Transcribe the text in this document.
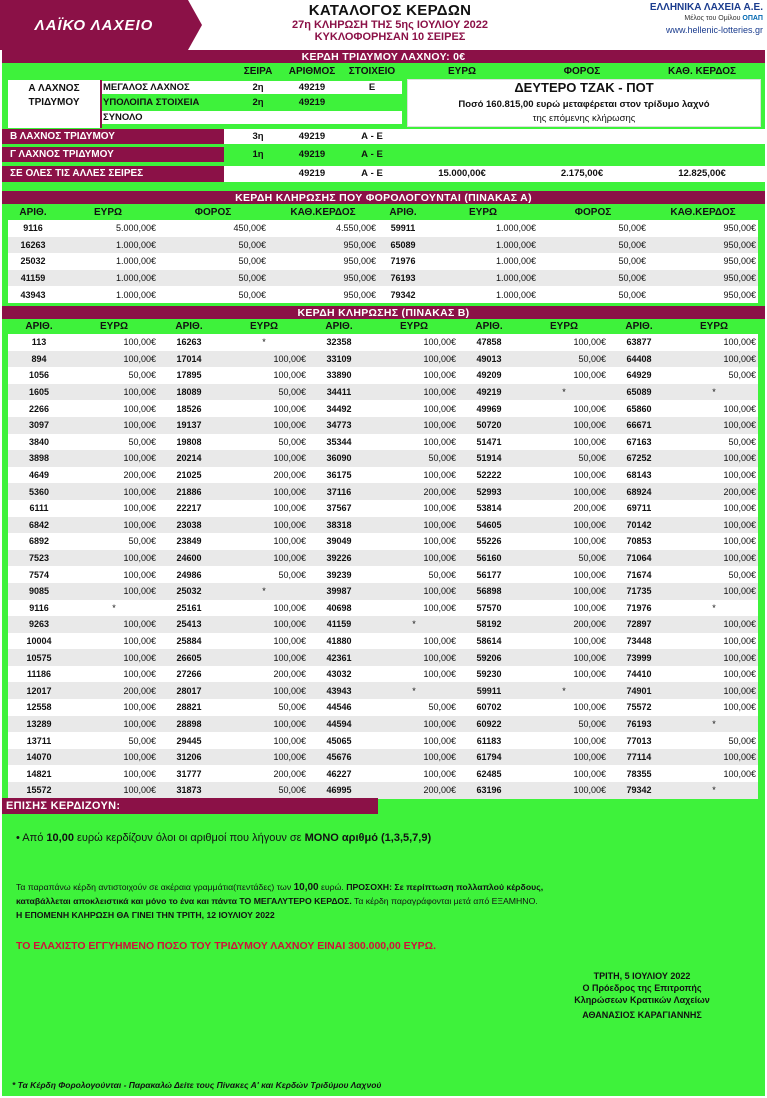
ΛΑΪΚΟ ΛΑΧΕΙΟ
ΚΑΤΑΛΟΓΟΣ ΚΕΡΔΩΝ
27η ΚΛΗΡΩΣΗ ΤΗΣ 5ης ΙΟΥΛΙΟΥ 2022
ΚΥΚΛΟΦΟΡΗΣΑΝ 10 ΣΕΙΡΕΣ
ΕΛΛΗΝΙΚΑ ΛΑΧΕΙΑ Α.Ε.
Μέλος του Ομίλου ΟΠΑΠ
www.hellenic-lotteries.gr
ΚΕΡΔΗ ΤΡΙΔΥΜΟΥ ΛΑΧΝΟΥ: 0€
ΣΕΙΡΑ	ΑΡΙΘΜΟΣ	ΣΤΟΙΧΕΙΟ	ΕΥΡΩ	ΦΟΡΟΣ	ΚΑΘ. ΚΕΡΔΟΣ
Α ΛΑΧΝΟΣ
ΤΡΙΔΥΜΟΥ
ΜΕΓΑΛΟΣ ΛΑΧΝΟΣ	2η	49219	Ε
ΥΠΟΛΟΙΠΑ ΣΤΟΙΧΕΙΑ	2η	49219
ΣΥΝΟΛΟ
ΔΕΥΤΕΡΟ ΤΖΑΚ - ΠΟΤ
Ποσό 160.815,00 ευρώ μεταφέρεται στον τρίδυμο λαχνό
της επόμενης κλήρωσης
Β ΛΑΧΝΟΣ ΤΡΙΔΥΜΟΥ	3η	49219	Α - Ε
Γ ΛΑΧΝΟΣ ΤΡΙΔΥΜΟΥ	1η	49219	Α - Ε
ΣΕ ΟΛΕΣ ΤΙΣ ΑΛΛΕΣ ΣΕΙΡΕΣ	49219	Α - Ε	15.000,00€	2.175,00€	12.825,00€
ΚΕΡΔΗ ΚΛΗΡΩΣΗΣ ΠΟΥ ΦΟΡΟΛΟΓΟΥΝΤΑΙ (ΠΙΝΑΚΑΣ Α)
ΑΡΙΘ.	ΕΥΡΩ	ΦΟΡΟΣ	ΚΑΘ.ΚΕΡΔΟΣ	ΑΡΙΘ.	ΕΥΡΩ	ΦΟΡΟΣ	ΚΑΘ.ΚΕΡΔΟΣ
9116	5.000,00€	450,00€	4.550,00€	59911	1.000,00€	50,00€	950,00€
16263	1.000,00€	50,00€	950,00€	65089	1.000,00€	50,00€	950,00€
25032	1.000,00€	50,00€	950,00€	71976	1.000,00€	50,00€	950,00€
41159	1.000,00€	50,00€	950,00€	76193	1.000,00€	50,00€	950,00€
43943	1.000,00€	50,00€	950,00€	79342	1.000,00€	50,00€	950,00€
ΚΕΡΔΗ ΚΛΗΡΩΣΗΣ (ΠΙΝΑΚΑΣ Β)
ΑΡΙΘ.	ΕΥΡΩ	ΑΡΙΘ.	ΕΥΡΩ	ΑΡΙΘ.	ΕΥΡΩ	ΑΡΙΘ.	ΕΥΡΩ	ΑΡΙΘ.	ΕΥΡΩ
113	100,00€	16263	*	32358	100,00€	47858	100,00€	63877	100,00€
894	100,00€	17014	100,00€	33109	100,00€	49013	50,00€	64408	100,00€
1056	50,00€	17895	100,00€	33890	100,00€	49209	100,00€	64929	50,00€
1605	100,00€	18089	50,00€	34411	100,00€	49219	*	65089	*
2266	100,00€	18526	100,00€	34492	100,00€	49969	100,00€	65860	100,00€
3097	100,00€	19137	100,00€	34773	100,00€	50720	100,00€	66671	100,00€
3840	50,00€	19808	50,00€	35344	100,00€	51471	100,00€	67163	50,00€
3898	100,00€	20214	100,00€	36090	50,00€	51914	50,00€	67252	100,00€
4649	200,00€	21025	200,00€	36175	100,00€	52222	100,00€	68143	100,00€
5360	100,00€	21886	100,00€	37116	200,00€	52993	100,00€	68924	200,00€
6111	100,00€	22217	100,00€	37567	100,00€	53814	200,00€	69711	100,00€
6842	100,00€	23038	100,00€	38318	100,00€	54605	100,00€	70142	100,00€
6892	50,00€	23849	100,00€	39049	100,00€	55226	100,00€	70853	100,00€
7523	100,00€	24600	100,00€	39226	100,00€	56160	50,00€	71064	100,00€
7574	100,00€	24986	50,00€	39239	50,00€	56177	100,00€	71674	50,00€
9085	100,00€	25032	*	39987	100,00€	56898	100,00€	71735	100,00€
9116	*	25161	100,00€	40698	100,00€	57570	100,00€	71976	*
9263	100,00€	25413	100,00€	41159	*	58192	200,00€	72897	100,00€
10004	100,00€	25884	100,00€	41880	100,00€	58614	100,00€	73448	100,00€
10575	100,00€	26605	100,00€	42361	100,00€	59206	100,00€	73999	100,00€
11186	100,00€	27266	200,00€	43032	100,00€	59230	100,00€	74410	100,00€
12017	200,00€	28017	100,00€	43943	*	59911	*	74901	100,00€
12558	100,00€	28821	50,00€	44546	50,00€	60702	100,00€	75572	100,00€
13289	100,00€	28898	100,00€	44594	100,00€	60922	50,00€	76193	*
13711	50,00€	29445	100,00€	45065	100,00€	61183	100,00€	77013	50,00€
14070	100,00€	31206	100,00€	45676	100,00€	61794	100,00€	77114	100,00€
14821	100,00€	31777	200,00€	46227	100,00€	62485	100,00€	78355	100,00€
15572	100,00€	31873	50,00€	46995	200,00€	63196	100,00€	79342	*
ΕΠΙΣΗΣ ΚΕΡΔΙΖΟΥΝ:
• Από 10,00 ευρώ κερδίζουν όλοι οι αριθμοί που λήγουν σε ΜΟΝΟ αριθμό (1,3,5,7,9)
Τα παραπάνω κέρδη αντιστοιχούν σε ακέραια γραμμάτια(πεντάδες) των 10,00 ευρώ. ΠΡΟΣΟΧΗ: Σε περίπτωση πολλαπλού κέρδους,
καταβάλλεται αποκλειστικά και μόνο το ένα και πάντα ΤΟ ΜΕΓΑΛΥΤΕΡΟ ΚΕΡΔΟΣ. Τα κέρδη παραγράφονται μετά από ΕΞΑΜΗΝΟ.
Η ΕΠΟΜΕΝΗ ΚΛΗΡΩΣΗ ΘΑ ΓΙΝΕΙ ΤΗΝ ΤΡΙΤΗ, 12 ΙΟΥΛΙΟΥ 2022
ΤΟ ΕΛΑΧΙΣΤΟ ΕΓΓΥΗΜΕΝΟ ΠΟΣΟ ΤΟΥ ΤΡΙΔΥΜΟΥ ΛΑΧΝΟΥ ΕΙΝΑΙ 300.000,00 ΕΥΡΩ.
ΤΡΙΤΗ, 5 ΙΟΥΛΙΟΥ 2022
Ο Πρόεδρος της Επιτροπής
Κληρώσεων Κρατικών Λαχείων
ΑΘΑΝΑΣΙΟΣ ΚΑΡΑΓΙΑΝΝΗΣ
* Τα Κέρδη Φορολογούνται - Παρακαλώ Δείτε τους Πίνακες Α' και Κερδών Τριδύμου Λαχνού
